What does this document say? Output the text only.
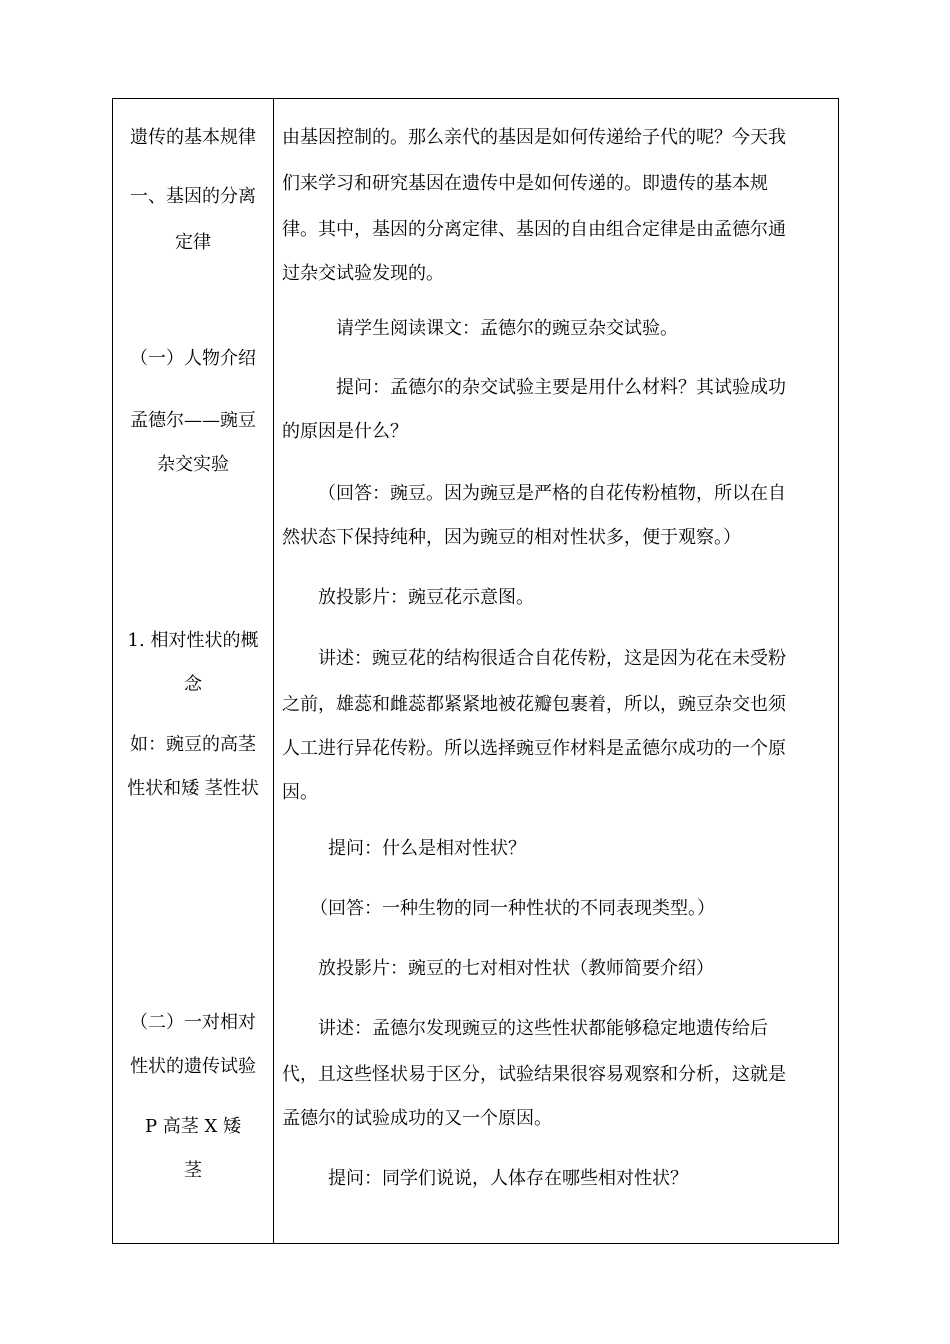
遗传的基本规律
一、基因的分离
定律
（一）人物介绍
孟德尔——豌豆
杂交实验
1. 相对性状的概
念
如：豌豆的高茎
性状和矮 茎性状
（二）一对相对
性状的遗传试验
P 高茎 X 矮
茎
由基因控制的。那么亲代的基因是如何传递给子代的呢？今天我
们来学习和研究基因在遗传中是如何传递的。即遗传的基本规
律。其中，基因的分离定律、基因的自由组合定律是由孟德尔通
过杂交试验发现的。
请学生阅读课文：孟德尔的豌豆杂交试验。
提问：孟德尔的杂交试验主要是用什么材料？其试验成功
的原因是什么？
（回答：豌豆。因为豌豆是严格的自花传粉植物，所以在自
然状态下保持纯种，因为豌豆的相对性状多，便于观察。）
放投影片：豌豆花示意图。
讲述：豌豆花的结构很适合自花传粉，这是因为花在未受粉
之前，雄蕊和雌蕊都紧紧地被花瓣包裹着，所以，豌豆杂交也须
人工进行异花传粉。所以选择豌豆作材料是孟德尔成功的一个原
因。
提问：什么是相对性状？
（回答：一种生物的同一种性状的不同表现类型。）
放投影片：豌豆的七对相对性状（教师简要介绍）
讲述：孟德尔发现豌豆的这些性状都能够稳定地遗传给后
代，且这些怪状易于区分，试验结果很容易观察和分析，这就是
孟德尔的试验成功的又一个原因。
提问：同学们说说，人体存在哪些相对性状？
